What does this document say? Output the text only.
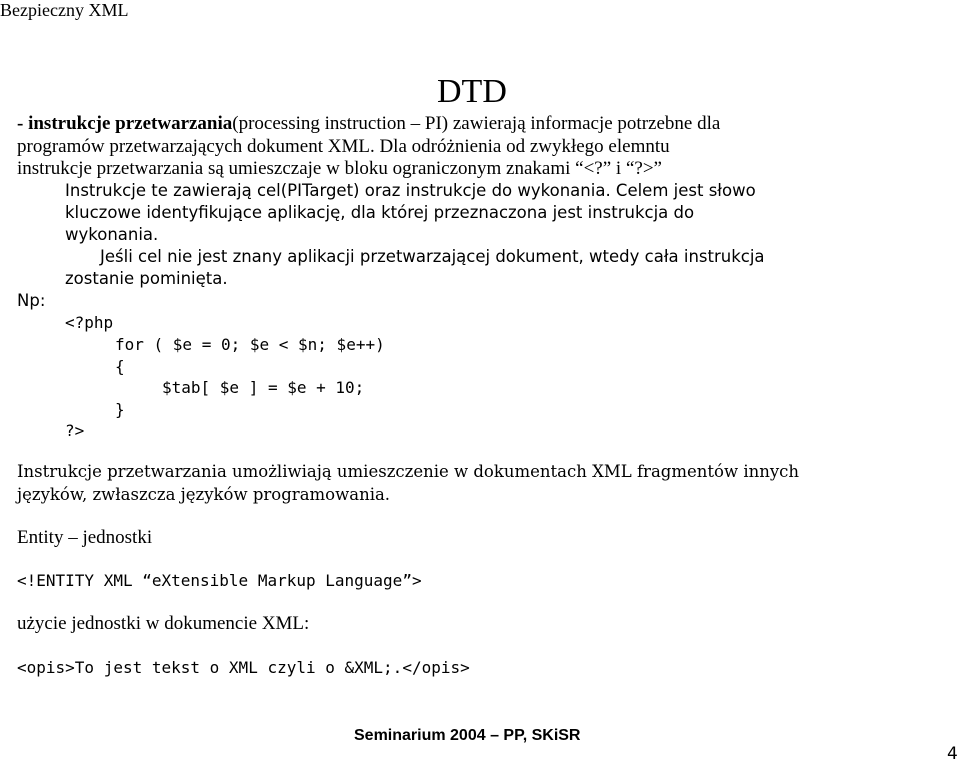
Bezpieczny XML
DTD
- instrukcje przetwarzania(processing instruction – PI) zawierają informacje potrzebne dla
programów przetwarzających dokument XML. Dla odróżnienia od zwykłego elemntu
instrukcje przetwarzania są umieszczaje w bloku ograniczonym znakami “<?” i “?>”
Instrukcje te zawierają cel(PITarget) oraz instrukcje do wykonania. Celem jest słowo
kluczowe identyfikujące aplikację, dla której przeznaczona jest instrukcja do
wykonania.
Jeśli cel nie jest znany aplikacji przetwarzającej dokument, wtedy cała instrukcja
zostanie pominięta.
Np:
<?php
for ( $e = 0; $e < $n; $e++)
{
$tab[ $e ] = $e + 10;
}
?>
Instrukcje przetwarzania umożliwiają umieszczenie w dokumentach XML fragmentów innych
języków, zwłaszcza języków programowania.
Entity – jednostki
<!ENTITY XML “eXtensible Markup Language”>
użycie jednostki w dokumencie XML:
<opis>To jest tekst o XML czyli o &XML;.</opis>
Seminarium 2004 – PP, SKiSR
4
